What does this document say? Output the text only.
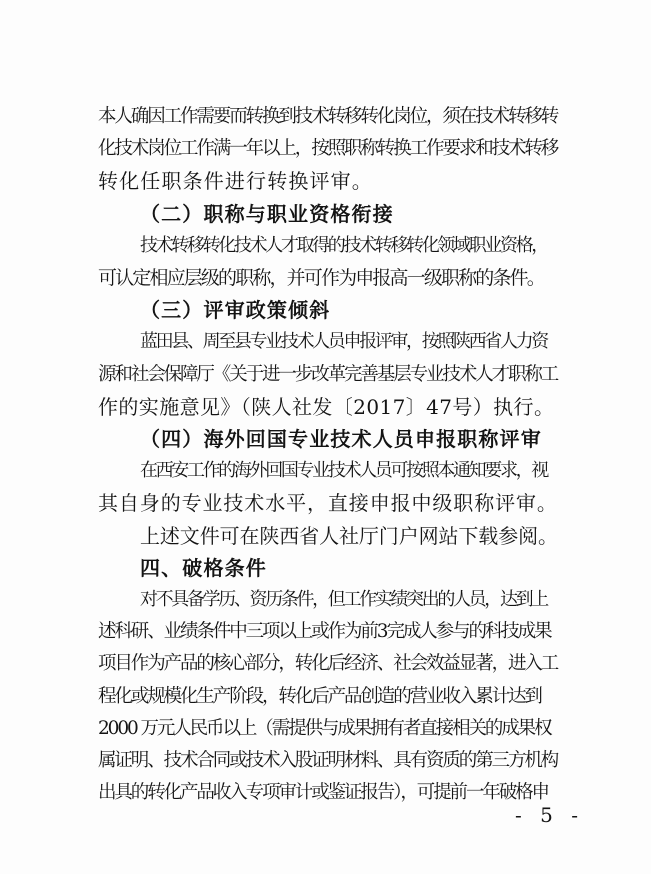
本人确因工作需要而转换到技术转移转化岗位，须在技术转移转
化技术岗位工作满一年以上，按照职称转换工作要求和技术转移
转化任职条件进行转换评审。
（二）职称与职业资格衔接
技术转移转化技术人才取得的技术转移转化领域职业资格，
可认定相应层级的职称，并可作为申报高一级职称的条件。
（三）评审政策倾斜
蓝田县、周至县专业技术人员申报评审，按照陕西省人力资
源和社会保障厅《关于进一步改革完善基层专业技术人才职称工
作的实施意见》（陕人社发〔2017〕47号）执行。
（四）海外回国专业技术人员申报职称评审
在西安工作的海外回国专业技术人员可按照本通知要求，视
其自身的专业技术水平，直接申报中级职称评审。
上述文件可在陕西省人社厅门户网站下载参阅。
四、破格条件
对不具备学历、资历条件，但工作实绩突出的人员，达到上
述科研、业绩条件中三项以上或作为前3完成人参与的科技成果
项目作为产品的核心部分，转化后经济、社会效益显著，进入工
程化或规模化生产阶段，转化后产品创造的营业收入累计达到
2000 万元人民币以上（需提供与成果拥有者直接相关的成果权
属证明、技术合同或技术入股证明材料、具有资质的第三方机构
出具的转化产品收入专项审计或鉴证报告），可提前一年破格申
- 5 -
